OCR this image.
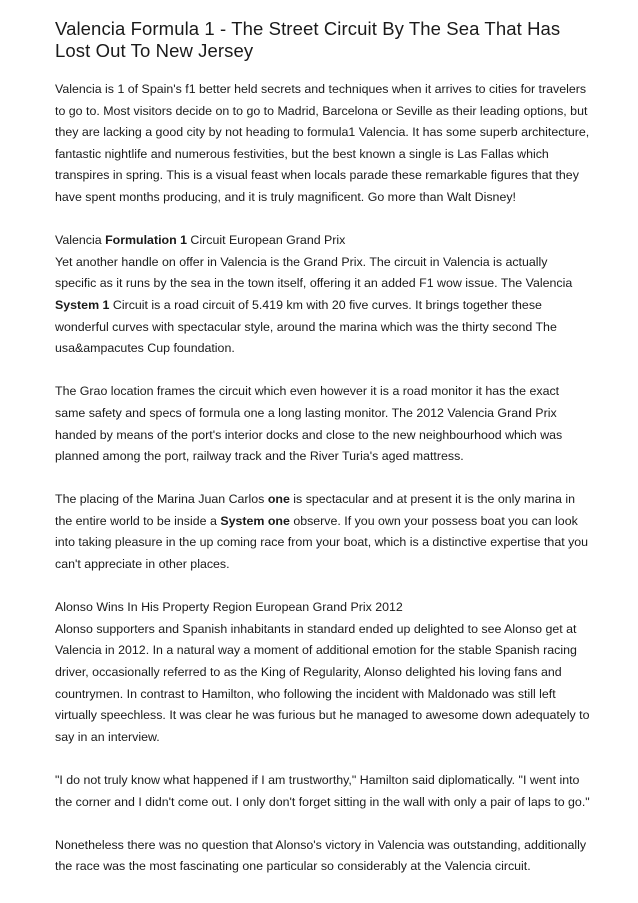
Valencia Formula 1 - The Street Circuit By The Sea That Has Lost Out To New Jersey

Valencia is 1 of Spain's f1 better held secrets and techniques when it arrives to cities for travelers to go to. Most visitors decide on to go to Madrid, Barcelona or Seville as their leading options, but they are lacking a good city by not heading to formula1 Valencia. It has some superb architecture, fantastic nightlife and numerous festivities, but the best known a single is Las Fallas which transpires in spring. This is a visual feast when locals parade these remarkable figures that they have spent months producing, and it is truly magnificent. Go more than Walt Disney!

Valencia Formulation 1 Circuit European Grand Prix
Yet another handle on offer in Valencia is the Grand Prix. The circuit in Valencia is actually specific as it runs by the sea in the town itself, offering it an added F1 wow issue. The Valencia System 1 Circuit is a road circuit of 5.419 km with 20 five curves. It brings together these wonderful curves with spectacular style, around the marina which was the thirty second The usa&ampacutes Cup foundation.

The Grao location frames the circuit which even however it is a road monitor it has the exact same safety and specs of formula one a long lasting monitor. The 2012 Valencia Grand Prix handed by means of the port's interior docks and close to the new neighbourhood which was planned among the port, railway track and the River Turia's aged mattress.

The placing of the Marina Juan Carlos one is spectacular and at present it is the only marina in the entire world to be inside a System one observe. If you own your possess boat you can look into taking pleasure in the up coming race from your boat, which is a distinctive expertise that you can't appreciate in other places.

Alonso Wins In His Property Region European Grand Prix 2012
Alonso supporters and Spanish inhabitants in standard ended up delighted to see Alonso get at Valencia in 2012. In a natural way a moment of additional emotion for the stable Spanish racing driver, occasionally referred to as the King of Regularity, Alonso delighted his loving fans and countrymen. In contrast to Hamilton, who following the incident with Maldonado was still left virtually speechless. It was clear he was furious but he managed to awesome down adequately to say in an interview.

"I do not truly know what happened if I am trustworthy," Hamilton said diplomatically. "I went into the corner and I didn't come out. I only don't forget sitting in the wall with only a pair of laps to go."

Nonetheless there was no question that Alonso's victory in Valencia was outstanding, additionally the race was the most fascinating one particular so considerably at the Valencia circuit.
